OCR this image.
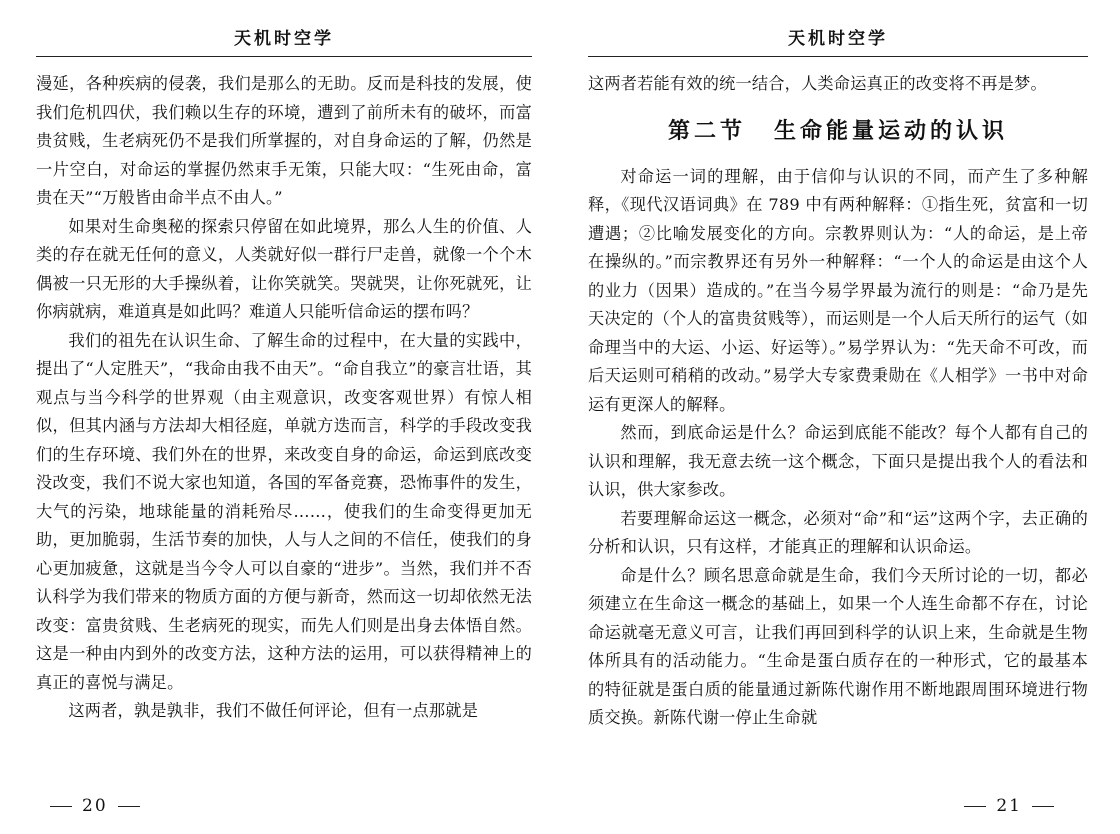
天机时空学

漫延，各种疾病的侵袭，我们是那么的无助。反而是科技的发展，使我们危机四伏，我们赖以生存的环境，遭到了前所未有的破坏，而富贵贫贱，生老病死仍不是我们所掌握的，对自身命运的了解，仍然是一片空白，对命运的掌握仍然束手无策，只能大叹：“生死由命，富贵在天”“万般皆由命半点不由人。”

如果对生命奥秘的探索只停留在如此境界，那么人生的价值、人类的存在就无任何的意义，人类就好似一群行尸走兽，就像一个个木偶被一只无形的大手操纵着，让你笑就笑。哭就哭，让你死就死，让你病就病，难道真是如此吗？难道人只能听信命运的摆布吗？

我们的祖先在认识生命、了解生命的过程中，在大量的实践中，提出了“人定胜天”，“我命由我不由天”。“命自我立”的豪言壮语，其观点与当今科学的世界观（由主观意识，改变客观世界）有惊人相似，但其内涵与方法却大相径庭，单就方迭而言，科学的手段改变我们的生存环境、我们外在的世界，来改变自身的命运，命运到底改变没改变，我们不说大家也知道，各国的军备竞赛，恐怖事件的发生，大气的污染，地球能量的消耗殆尽……，使我们的生命变得更加无助，更加脆弱，生活节奏的加快，人与人之间的不信任，使我们的身心更加疲惫，这就是当今令人可以自豪的“进步”。当然，我们并不否认科学为我们带来的物质方面的方便与新奇，然而这一切却依然无法改变：富贵贫贱、生老病死的现实，而先人们则是出身去体悟自然。这是一种由内到外的改变方法，这种方法的运用，可以获得精神上的真正的喜悦与满足。

这两者，孰是孰非，我们不做任何评论，但有一点那就是

20
天机时空学

这两者若能有效的统一结合，人类命运真正的改变将不再是梦。

第二节 生命能量运动的认识

对命运一词的理解，由于信仰与认识的不同，而产生了多种解释，《现代汉语词典》在 789 中有两种解释：①指生死，贫富和一切遭遇；②比喻发展变化的方向。宗教界则认为：“人的命运，是上帝在操纵的。”而宗教界还有另外一种解释：“一个人的命运是由这个人的业力（因果）造成的。”在当今易学界最为流行的则是：“命乃是先天决定的（个人的富贵贫贱等），而运则是一个人后天所行的运气（如命理当中的大运、小运、好运等）。”易学界认为：“先天命不可改，而后天运则可稍稍的改动。”易学大专家费秉勋在《人相学》一书中对命运有更深人的解释。

然而，到底命运是什么？命运到底能不能改？每个人都有自己的认识和理解，我无意去统一这个概念，下面只是提出我个人的看法和认识，供大家参改。

若要理解命运这一概念，必须对“命”和“运”这两个字，去正确的分析和认识，只有这样，才能真正的理解和认识命运。

命是什么？顾名思意命就是生命，我们今天所讨论的一切，都必须建立在生命这一概念的基础上，如果一个人连生命都不存在，讨论命运就毫无意义可言，让我们再回到科学的认识上来，生命就是生物体所具有的活动能力。“生命是蛋白质存在的一种形式，它的最基本的特征就是蛋白质的能量通过新陈代谢作用不断地跟周围环境进行物质交换。新陈代谢一停止生命就

21
